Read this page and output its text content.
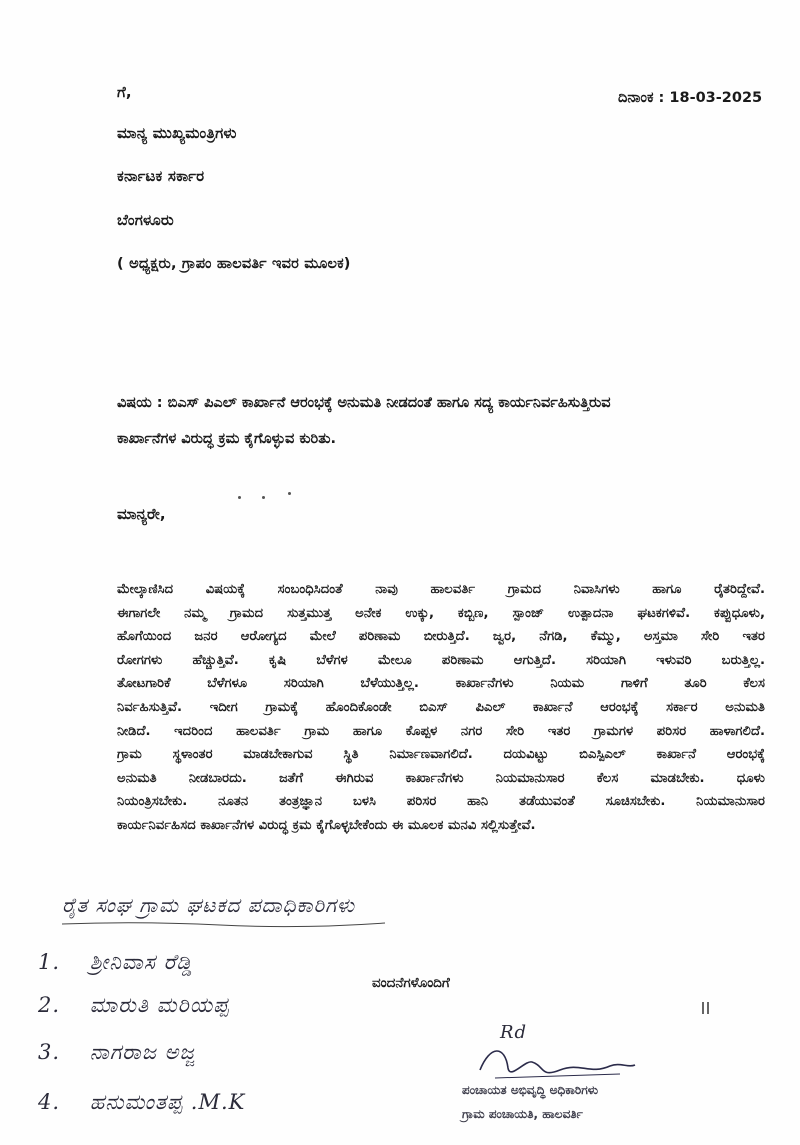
ದಿನಾಂಕ : 18-03-2025
ಗೆ,
ಮಾನ್ಯ ಮುಖ್ಯಮಂತ್ರಿಗಳು
ಕರ್ನಾಟಕ ಸರ್ಕಾರ
ಬೆಂಗಳೂರು
( ಅಧ್ಯಕ್ಷರು, ಗ್ರಾಪಂ ಹಾಲವರ್ತಿ ಇವರ ಮೂಲಕ)
ವಿಷಯ : ಬಿಎಸ್ ಪಿಎಲ್ ಕಾರ್ಖಾನೆ ಆರಂಭಕ್ಕೆ ಅನುಮತಿ ನೀಡದಂತೆ ಹಾಗೂ ಸದ್ಯ ಕಾರ್ಯನಿರ್ವಹಿಸುತ್ತಿರುವ
ಕಾರ್ಖಾನೆಗಳ ವಿರುದ್ಧ ಕ್ರಮ ಕೈಗೊಳ್ಳುವ ಕುರಿತು.
ಮಾನ್ಯರೇ,
ಮೇಲ್ಕಾಣಿಸಿದ ವಿಷಯಕ್ಕೆ ಸಂಬಂಧಿಸಿದಂತೆ ನಾವು ಹಾಲವರ್ತಿ ಗ್ರಾಮದ ನಿವಾಸಿಗಳು ಹಾಗೂ ರೈತರಿದ್ದೇವೆ.
ಈಗಾಗಲೇ ನಮ್ಮ ಗ್ರಾಮದ ಸುತ್ತಮುತ್ತ ಅನೇಕ ಉಕ್ಕು, ಕಬ್ಬಿಣ, ಸ್ಪಾಂಜ್ ಉತ್ಪಾದನಾ ಘಟಕಗಳಿವೆ. ಕಪ್ಪುಧೂಳು,
ಹೊಗೆಯಿಂದ ಜನರ ಆರೋಗ್ಯದ ಮೇಲೆ ಪರಿಣಾಮ ಬೀರುತ್ತಿದೆ. ಜ್ವರ, ನೆಗಡಿ, ಕೆಮ್ಮು, ಅಸ್ತಮಾ ಸೇರಿ ಇತರ
ರೋಗಗಳು ಹೆಚ್ಚುತ್ತಿವೆ. ಕೃಷಿ ಬೆಳೆಗಳ ಮೇಲೂ ಪರಿಣಾಮ ಆಗುತ್ತಿದೆ. ಸರಿಯಾಗಿ ಇಳುವರಿ ಬರುತ್ತಿಲ್ಲ.
ತೋಟಗಾರಿಕೆ ಬೆಳೆಗಳೂ ಸರಿಯಾಗಿ ಬೆಳೆಯುತ್ತಿಲ್ಲ. ಕಾರ್ಖಾನೆಗಳು ನಿಯಮ ಗಾಳಿಗೆ ತೂರಿ ಕೆಲಸ
ನಿರ್ವಹಿಸುತ್ತಿವೆ. ಇದೀಗ ಗ್ರಾಮಕ್ಕೆ ಹೊಂದಿಕೊಂಡೇ ಬಿಎಸ್ ಪಿಎಲ್ ಕಾರ್ಖಾನೆ ಆರಂಭಕ್ಕೆ ಸರ್ಕಾರ ಅನುಮತಿ
ನೀಡಿದೆ. ಇದರಿಂದ ಹಾಲವರ್ತಿ ಗ್ರಾಮ ಹಾಗೂ ಕೊಪ್ಪಳ ನಗರ ಸೇರಿ ಇತರ ಗ್ರಾಮಗಳ ಪರಿಸರ ಹಾಳಾಗಲಿದೆ.
ಗ್ರಾಮ ಸ್ಥಳಾಂತರ ಮಾಡಬೇಕಾಗುವ ಸ್ಥಿತಿ ನಿರ್ಮಾಣವಾಗಲಿದೆ. ದಯವಿಟ್ಟು ಬಿಎಸ್ಪಿಎಲ್ ಕಾರ್ಖಾನೆ ಆರಂಭಕ್ಕೆ
ಅನುಮತಿ ನೀಡಬಾರದು. ಜತೆಗೆ ಈಗಿರುವ ಕಾರ್ಖಾನೆಗಳು ನಿಯಮಾನುಸಾರ ಕೆಲಸ ಮಾಡಬೇಕು. ಧೂಳು
ನಿಯಂತ್ರಿಸಬೇಕು. ನೂತನ ತಂತ್ರಜ್ಞಾನ ಬಳಸಿ ಪರಿಸರ ಹಾನಿ ತಡೆಯುವಂತೆ ಸೂಚಿಸಬೇಕು. ನಿಯಮಾನುಸಾರ
ಕಾರ್ಯನಿರ್ವಹಿಸದ ಕಾರ್ಖಾನೆಗಳ ವಿರುದ್ಧ ಕ್ರಮ ಕೈಗೊಳ್ಳಬೇಕೆಂದು ಈ ಮೂಲಕ ಮನವಿ ಸಲ್ಲಿಸುತ್ತೇವೆ.
ರೈತ ಸಂಘ ಗ್ರಾಮ ಘಟಕದ ಪದಾಧಿಕಾರಿಗಳು
1. ಶ್ರೀನಿವಾಸ ರೆಡ್ಡಿ
2. ಮಾರುತಿ ಮರಿಯಪ್ಪ
3. ನಾಗರಾಜ ಅಜ್ಜ
4. ಹನುಮಂತಪ್ಪ .M.K
ವಂದನೆಗಳೊಂದಿಗೆ
Rd
ಪಂಚಾಯತ ಅಭಿವೃದ್ಧಿ ಅಧಿಕಾರಿಗಳು
ಗ್ರಾಮ ಪಂಚಾಯತಿ, ಹಾಲವರ್ತಿ
